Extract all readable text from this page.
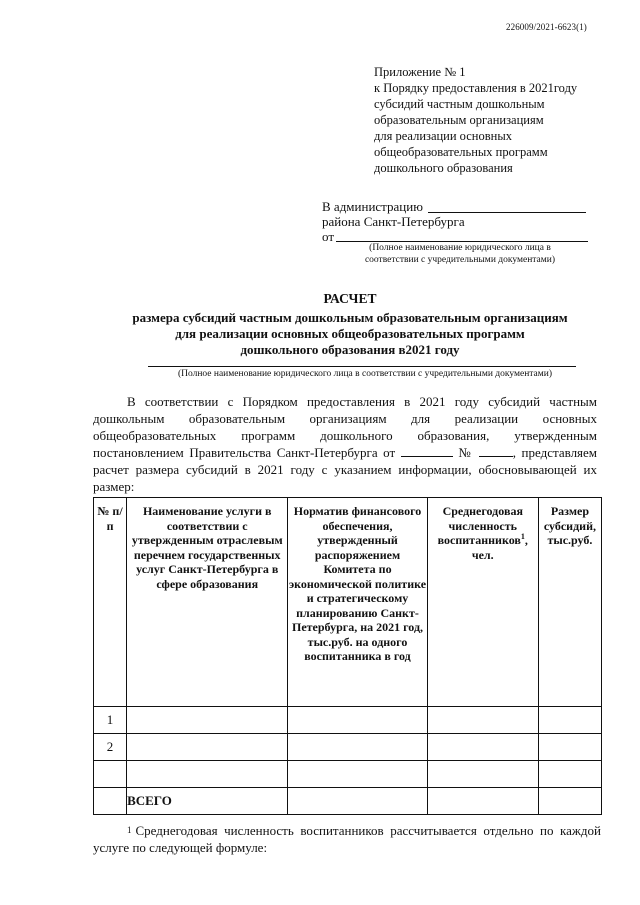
226009/2021-6623(1)
Приложение № 1
к Порядку предоставления в 2021году
субсидий частным дошкольным
образовательным организациям
для реализации основных
общеобразовательных программ
дошкольного образования
В администрацию
района Санкт-Петербурга
от
(Полное наименование юридического лица в соответствии с учредительными документами)
РАСЧЕТ
размера субсидий частным дошкольным образовательным организациям
для реализации основных общеобразовательных программ
дошкольного образования в2021 году
(Полное наименование юридического лица в соответствии с учредительными документами)
В соответствии с Порядком предоставления в 2021 году субсидий частным дошкольным образовательным организациям для реализации основных общеобразовательных программ дошкольного образования, утвержденным постановлением Правительства Санкт-Петербурга от	№	, представляем расчет размера субсидий в 2021 году с указанием информации, обосновывающей их размер:
№ п/п	Наименование услуги в соответствии с утвержденным отраслевым перечнем государственных услуг Санкт-Петербурга в сфере образования	Норматив финансового обеспечения, утвержденный распоряжением Комитета по экономической политике и стратегическому планированию Санкт-Петербурга, на 2021 год, тыс.руб. на одного воспитанника в год	Среднегодовая численность воспитанников$^1$, чел.	Размер субсидий, тыс.руб.
1				
2				

	ВСЕГО			
$^1$ Среднегодовая численность воспитанников рассчитывается отдельно по каждой услуге по следующей формуле:
